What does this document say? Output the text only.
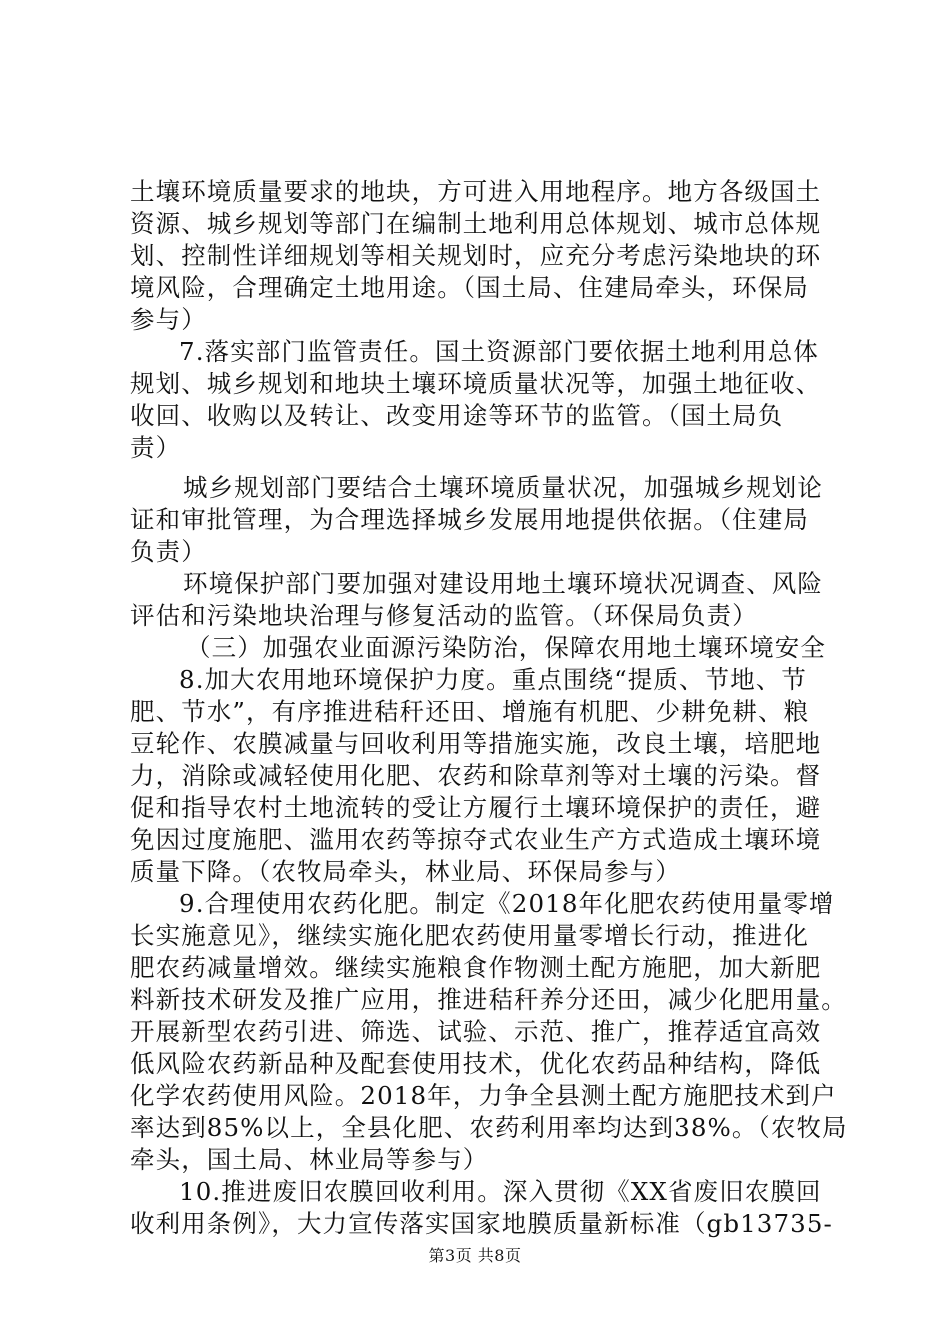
土壤环境质量要求的地块，方可进入用地程序。地方各级国土
资源、城乡规划等部门在编制土地利用总体规划、城市总体规
划、控制性详细规划等相关规划时，应充分考虑污染地块的环
境风险，合理确定土地用途。（国土局、住建局牵头，环保局
参与）
7.落实部门监管责任。国土资源部门要依据土地利用总体
规划、城乡规划和地块土壤环境质量状况等，加强土地征收、
收回、收购以及转让、改变用途等环节的监管。（国土局负
责）
城乡规划部门要结合土壤环境质量状况，加强城乡规划论
证和审批管理，为合理选择城乡发展用地提供依据。（住建局
负责）
环境保护部门要加强对建设用地土壤环境状况调查、风险
评估和污染地块治理与修复活动的监管。（环保局负责）
（三）加强农业面源污染防治，保障农用地土壤环境安全
8.加大农用地环境保护力度。重点围绕“提质、节地、节
肥、节水”，有序推进秸秆还田、增施有机肥、少耕免耕、粮
豆轮作、农膜减量与回收利用等措施实施，改良土壤，培肥地
力，消除或减轻使用化肥、农药和除草剂等对土壤的污染。督
促和指导农村土地流转的受让方履行土壤环境保护的责任，避
免因过度施肥、滥用农药等掠夺式农业生产方式造成土壤环境
质量下降。（农牧局牵头，林业局、环保局参与）
9.合理使用农药化肥。制定《2018年化肥农药使用量零增
长实施意见》，继续实施化肥农药使用量零增长行动，推进化
肥农药减量增效。继续实施粮食作物测土配方施肥，加大新肥
料新技术研发及推广应用，推进秸秆养分还田，减少化肥用量。
开展新型农药引进、筛选、试验、示范、推广，推荐适宜高效
低风险农药新品种及配套使用技术，优化农药品种结构，降低
化学农药使用风险。2018年，力争全县测土配方施肥技术到户
率达到85%以上，全县化肥、农药利用率均达到38%。（农牧局
牵头，国土局、林业局等参与）
10.推进废旧农膜回收利用。深入贯彻《XX省废旧农膜回
收利用条例》，大力宣传落实国家地膜质量新标准（gb13735-
第3页 共8页
